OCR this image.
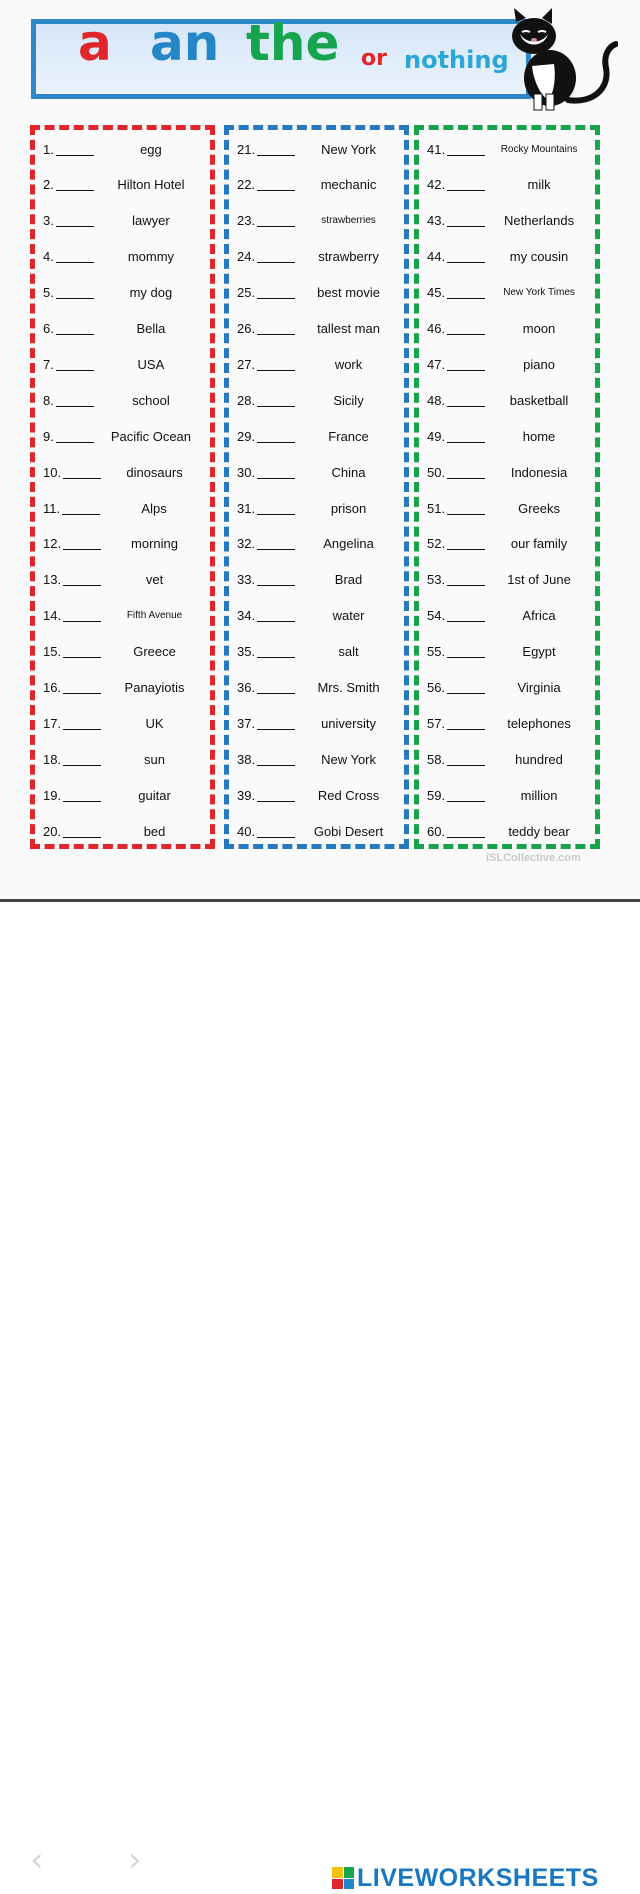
a an the or nothing
1.	egg
2.	Hilton Hotel
3.	lawyer
4.	mommy
5.	my dog
6.	Bella
7.	USA
8.	school
9.	Pacific Ocean
10.	dinosaurs
11.	Alps
12.	morning
13.	vet
14.	Fifth Avenue
15.	Greece
16.	Panayiotis
17.	UK
18.	sun
19.	guitar
20.	bed
21.	New York
22.	mechanic
23.	strawberries
24.	strawberry
25.	best movie
26.	tallest man
27.	work
28.	Sicily
29.	France
30.	China
31.	prison
32.	Angelina
33.	Brad
34.	water
35.	salt
36.	Mrs. Smith
37.	university
38.	New York
39.	Red Cross
40.	Gobi Desert
41.	Rocky Mountains
42.	milk
43.	Netherlands
44.	my cousin
45.	New York Times
46.	moon
47.	piano
48.	basketball
49.	home
50.	Indonesia
51.	Greeks
52.	our family
53.	1st of June
54.	Africa
55.	Egypt
56.	Virginia
57.	telephones
58.	hundred
59.	million
60.	teddy bear
iSLCollective.com
‹ ›	LIVEWORKSHEETS
